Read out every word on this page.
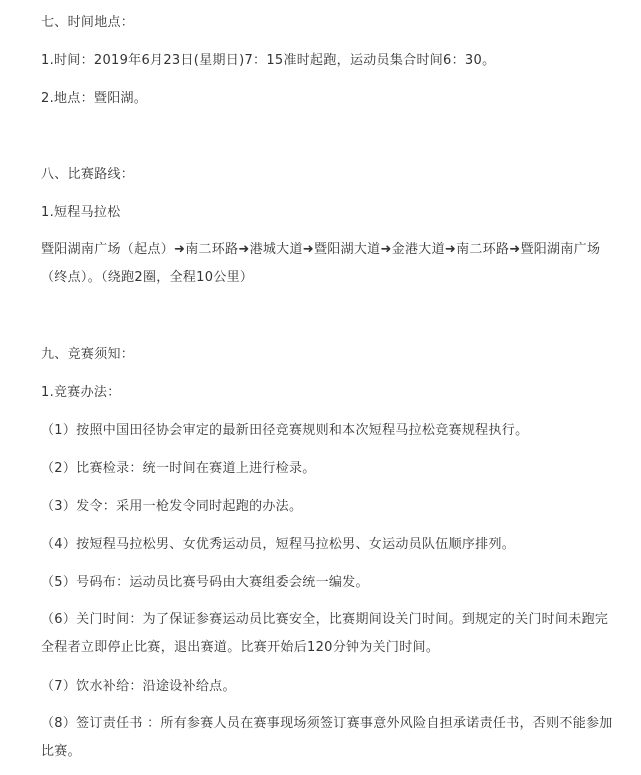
七、时间地点：
1.时间：2019年6月23日(星期日)7：15准时起跑，运动员集合时间6：30。
2.地点：暨阳湖。
八、比赛路线：
1.短程马拉松
暨阳湖南广场（起点）➜南二环路➜港城大道➜暨阳湖大道➜金港大道➜南二环路➜暨阳湖南广场（终点）。（绕跑2圈，全程10公里）
九、竞赛须知：
1.竞赛办法：
（1）按照中国田径协会审定的最新田径竞赛规则和本次短程马拉松竞赛规程执行。
（2）比赛检录：统一时间在赛道上进行检录。
（3）发令：采用一枪发令同时起跑的办法。
（4）按短程马拉松男、女优秀运动员，短程马拉松男、女运动员队伍顺序排列。
（5）号码布：运动员比赛号码由大赛组委会统一编发。
（6）关门时间：为了保证参赛运动员比赛安全，比赛期间设关门时间。到规定的关门时间未跑完全程者立即停止比赛，退出赛道。比赛开始后120分钟为关门时间。
（7）饮水补给：沿途设补给点。
（8）签订责任书 ：所有参赛人员在赛事现场须签订赛事意外风险自担承诺责任书，否则不能参加比赛。
